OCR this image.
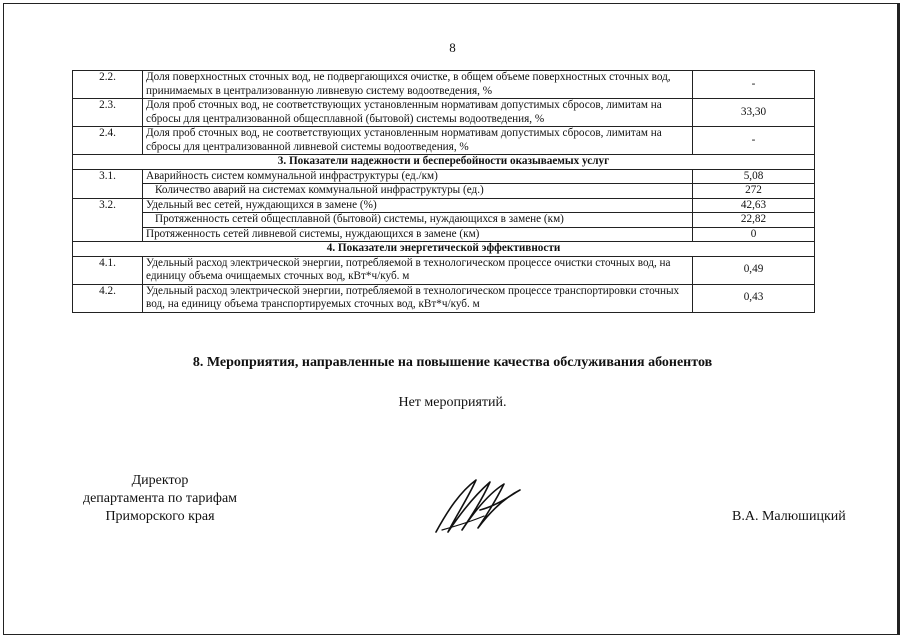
8
2.2.	Доля поверхностных сточных вод, не подвергающихся очистке, в общем объеме поверхностных сточных вод, принимаемых в централизованную ливневую систему водоотведения, %	-
2.3.	Доля проб сточных вод, не соответствующих установленным нормативам допустимых сбросов, лимитам на сбросы для централизованной общесплавной (бытовой) системы водоотведения, %	33,30
2.4.	Доля проб сточных вод, не соответствующих установленным нормативам допустимых сбросов, лимитам на сбросы для централизованной ливневой системы водоотведения, %	-
3. Показатели надежности и бесперебойности оказываемых услуг		
3.1.	Аварийность систем коммунальной инфраструктуры (ед./км)	5,08
	Количество аварий на системах коммунальной инфраструктуры (ед.)	272
3.2.	Удельный вес сетей, нуждающихся в замене (%)	42,63
	Протяженность сетей общесплавной (бытовой) системы, нуждающихся в замене (км)	22,82
	Протяженность сетей ливневой системы, нуждающихся в замене (км)	0
4. Показатели энергетической эффективности		
4.1.	Удельный расход электрической энергии, потребляемой в технологическом процессе очистки сточных вод, на единицу объема очищаемых сточных вод, кВт*ч/куб. м	0,49
4.2.	Удельный расход электрической энергии, потребляемой в технологическом процессе транспортировки сточных вод, на единицу объема транспортируемых сточных вод, кВт*ч/куб. м	0,43
8. Мероприятия, направленные на повышение качества обслуживания абонентов
Нет мероприятий.
Директор
департамента по тарифам
Приморского края	В.А. Малюшицкий
